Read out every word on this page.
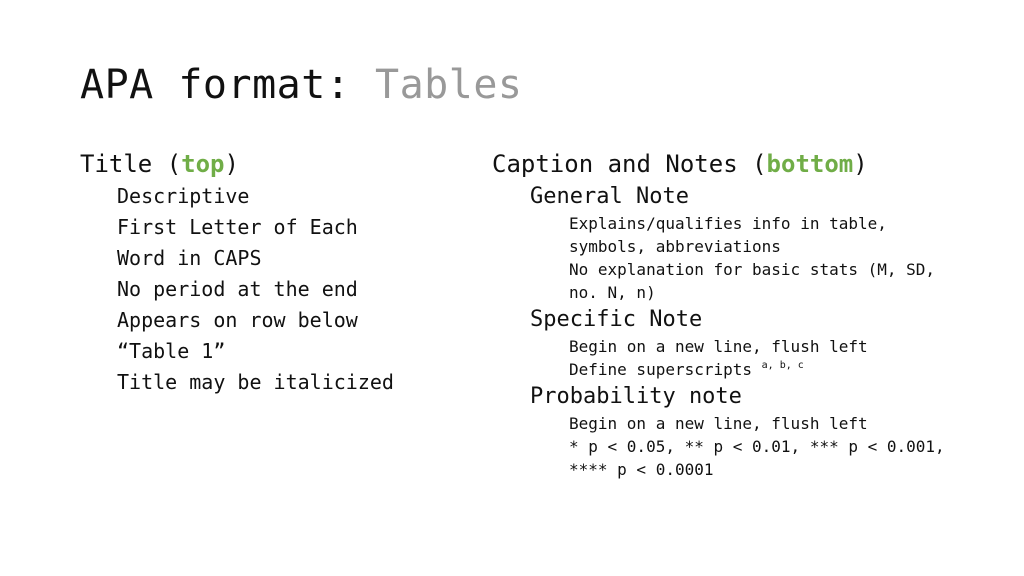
APA format: Tables
Title (top)
Descriptive
First Letter of Each
Word in CAPS
No period at the end
Appears on row below
“Table 1”
Title may be italicized
Caption and Notes (bottom)
General Note
Explains/qualifies info in table,
symbols, abbreviations
No explanation for basic stats (M, SD,
no. N, n)
Specific Note
Begin on a new line, flush left
Define superscripts $^{a, b, c}$
Probability note
Begin on a new line, flush left
* p < 0.05, ** p < 0.01, *** p < 0.001,
**** p < 0.0001
